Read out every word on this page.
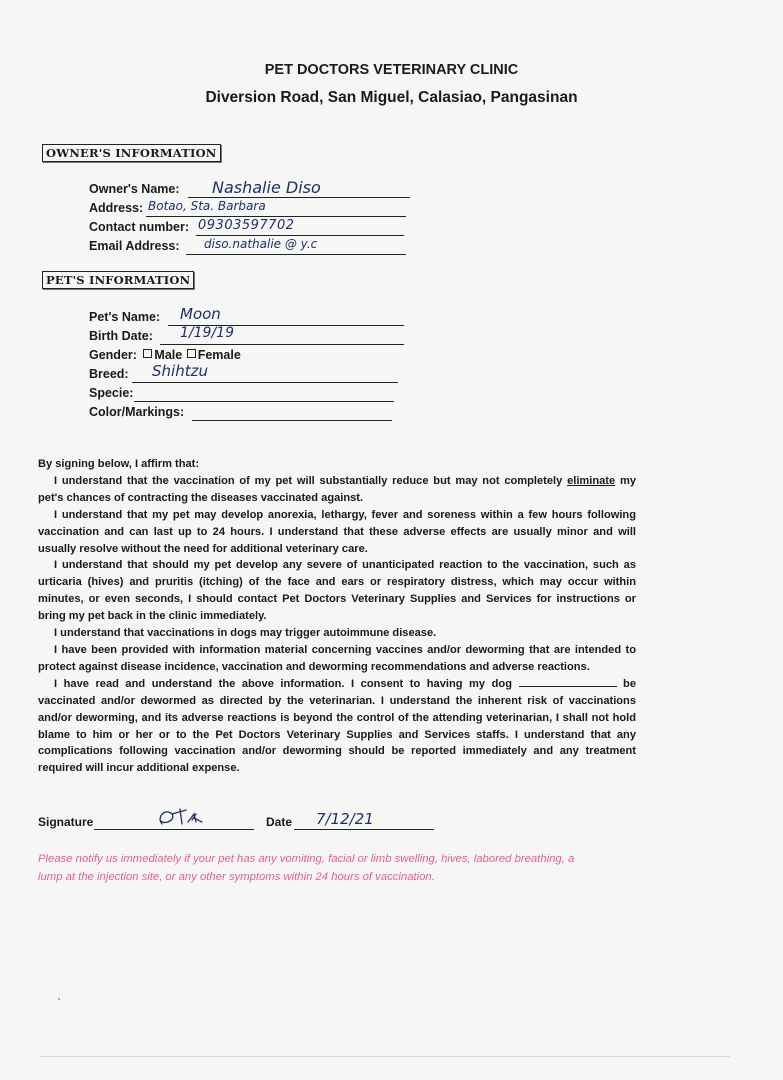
PET DOCTORS VETERINARY CLINIC
Diversion Road, San Miguel, Calasiao, Pangasinan
OWNER'S INFORMATION
Owner's Name: Nashalie Diso
Address: Botao, Sta. Barbara
Contact number: 09303597702
Email Address: diso.nathalie @ y.c
PET'S INFORMATION
Pet's Name: Moon
Birth Date: 1/19/19
Gender: Male Female
Breed: Shihtzu
Specie:
Color/Markings:

By signing below, I affirm that:

I understand that the vaccination of my pet will substantially reduce but may not completely eliminate my pet's chances of contracting the diseases vaccinated against.

I understand that my pet may develop anorexia, lethargy, fever and soreness within a few hours following vaccination and can last up to 24 hours. I understand that these adverse effects are usually minor and will usually resolve without the need for additional veterinary care.

I understand that should my pet develop any severe of unanticipated reaction to the vaccination, such as urticaria (hives) and pruritis (itching) of the face and ears or respiratory distress, which may occur within minutes, or even seconds, I should contact Pet Doctors Veterinary Supplies and Services for instructions or bring my pet back in the clinic immediately.

I understand that vaccinations in dogs may trigger autoimmune disease.

I have been provided with information material concerning vaccines and/or deworming that are intended to protect against disease incidence, vaccination and deworming recommendations and adverse reactions.

I have read and understand the above information. I consent to having my dog	be vaccinated and/or dewormed as directed by the veterinarian. I understand the inherent risk of vaccinations and/or deworming, and its adverse reactions is beyond the control of the attending veterinarian, I shall not hold blame to him or her or to the Pet Doctors Veterinary Supplies and Services staffs. I understand that any complications following vaccination and/or deworming should be reported immediately and any treatment required will incur additional expense.

Signature	Date 7/12/21
Please notify us immediately if your pet has any vomiting, facial or limb swelling, hives, labored breathing, a lump at the injection site, or any other symptoms within 24 hours of vaccination.
